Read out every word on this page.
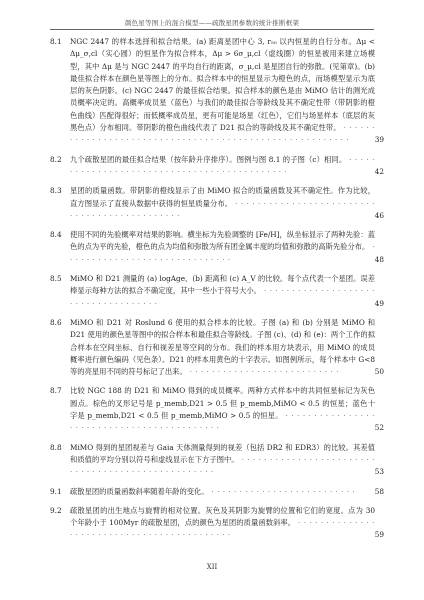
颜色星等图上的混合模型——疏散星团参数的统计推断框架
8.1	NGC 2447 的样本选择和拟合结果。(a) 距离星团中心 3, r₅₀ 以内恒星的自行分布。Δμ < Δμ_σ,cl（实心圆）的恒星作为拟合样本，Δμ > 6σ_μ,cl（虚线圈）的恒星被用来建立场模型，其中 Δμ 是与 NGC 2447 的平均自行的距离，σ_μ,cl 是星团自行的弥散。(见第章)。(b) 最佳拟合样本在颜色星等图上的分布。拟合样本中的恒星显示为橙色的点，而场模型显示为底层的灰色阴影。(c) NGC 2447 的最佳拟合结果。拟合样本的颜色是由 MiMO 估计的测光成员概率决定的。高概率成员星（蓝色）与我们的最佳拟合等龄线及其不确定性带（带阴影的橙色曲线）匹配得很好；而低概率成员星，更有可能是场星（红色），它们与场星样本（底层的灰黑色点）分布相同。带阴影的橙色曲线代表了 D21 拟合的等龄线及其不确定性带。 · · · · · · · · · · · · · · · · · · · · · · · · · · · · · · · · · · · · · · · · · · · · · · · · · · · · · · · ·	39
8.2	九个疏散星团的最佳拟合结果（按年龄升序排序）。图例与图 8.1 的子图（c）相同。 · · · · · · · · · · · · · · · · · · · · · · · · · · · · · · · · · · · · · · · · · · · ·	42
8.3	星团的质量函数。带阴影的橙线显示了由 MiMO 拟合的质量函数及其不确定性。作为比较，直方图显示了直接从数据中获得的恒星质量分布。 · · · · · · · · · · · · · · · · · · · · · · · · · · · · · · · · · · · · · · · · · · · · ·	46
8.4	使用不同的先验概率对结果的影响。横坐标为先验调整的 [Fe/H]，纵坐标显示了两种先验：蓝色的点为平的先验，橙色的点为均值和弥散为所有团金属丰度的均值和弥散的高斯先验分布。 · · · · · · · · · · · · · · · · · · · · · · · · · · · · · ·	48
8.5	MiMO 和 D21 测量的 (a) logAge、(b) 距离和 (c) A_V 的比较。每个点代表一个星团。误差棒显示每种方法的拟合不确定度，其中一些小于符号大小。 · · · · · · · · · · · · · · · · · · · · · · · · · · · · · · · · · · · ·	49
8.6	MiMO 和 D21 对 Roslund 6 使用的拟合样本的比较。子图 (a) 和 (b) 分别是 MiMO 和 D21 使用的颜色星等图中的拟合样本和最佳拟合等龄线。子图 (c)、(d) 和 (e)：两个工作的拟合样本在空间坐标、自行和视差星等空间的分布。我们的样本用方块表示，用 MiMO 的成员概率进行颜色编码（见色条）。D21 的样本用黄色的十字表示。如图例所示，每个样本中 G<8 等的亮星用不同的符号标记了出来。 · · · · · · · · · · · · · · · · · · · · · · · · · · ·	50
8.7	比较 NGC 188 的 D21 和 MiMO 得到的成员概率。两种方式样本中的共同恒星标记为灰色圆点。棕色的叉形记号是 p_memb,D21 > 0.5 但 p_memb,MiMO < 0.5 的恒星；蓝色十字是 p_memb,D21 < 0.5 但 p_memb,MiMO > 0.5 的恒星。 · · · · · · · · · · · · · · · · · · · · · · · · · · · · · · · · · · · · · · · · · · ·	52
8.8	MiMO 得到的星团视差与 Gaia 天体测量得到的视差（包括 DR2 和 EDR3）的比较。其差值和质值的平均分别以符号和虚线显示在下方子图中。 · · · · · · · · · · · · · · · · · · · · · · · · · · · · · · · · · · · · · · · · · · · · · · · · · ·	53
9.1	疏散星团的质量函数斜率随着年龄的变化。 · · · · · · · · · · · · · · · · · · · · · · · · · ·	58
9.2	疏散星团的出生地点与旋臂的相对位置。灰色及其阴影为旋臂的位置和它们的宽度。点为 30 个年龄小于 100Myr 的疏散星团，点的颜色为星团的质量函数斜率。 · · · · · · · · · · · · · · · · · · · · · · · · · · · · · · · · · · · · · · · · · · ·	59
XII
